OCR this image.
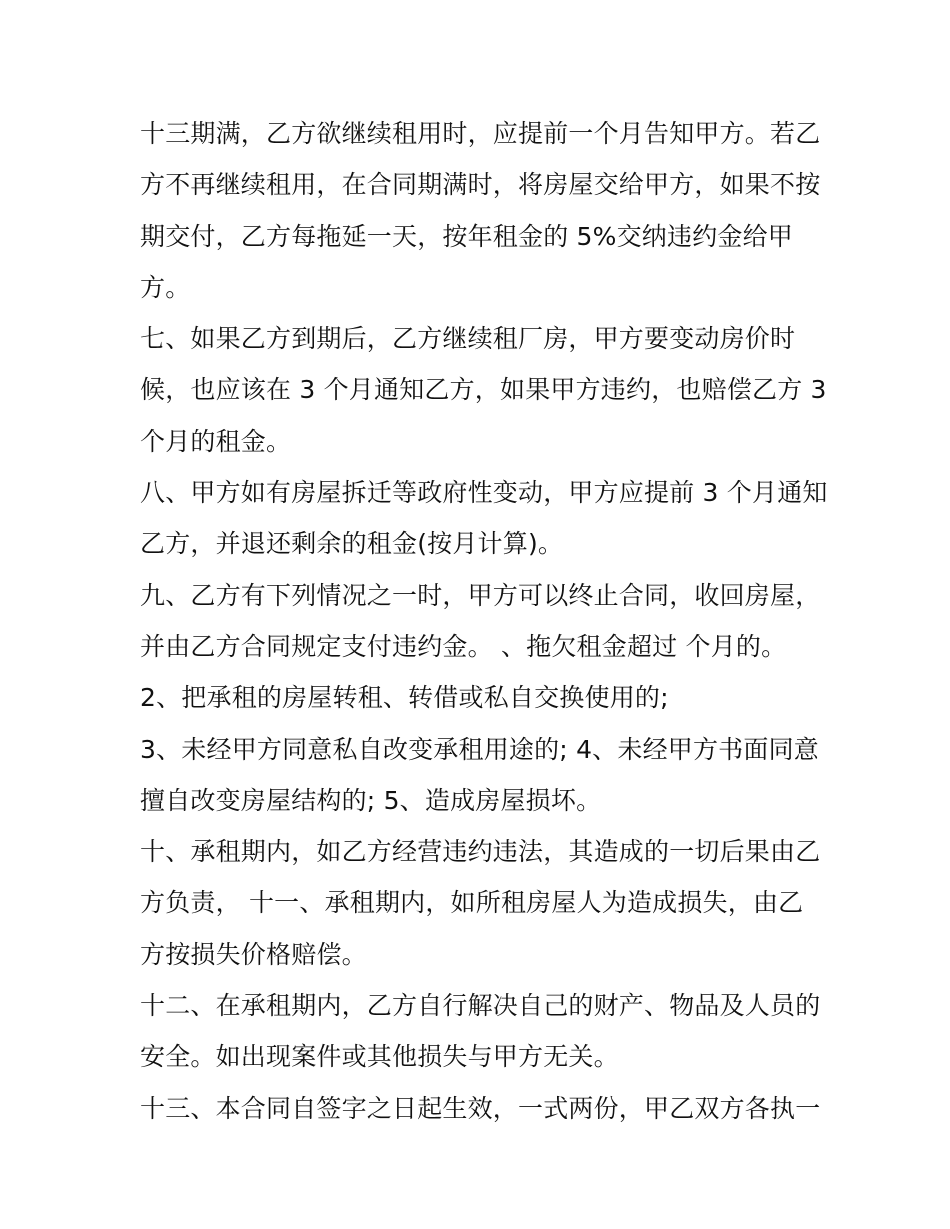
十三期满，乙方欲继续租用时，应提前一个月告知甲方。若乙
方不再继续租用，在合同期满时，将房屋交给甲方，如果不按
期交付，乙方每拖延一天，按年租金的 5%交纳违约金给甲
方。
七、如果乙方到期后，乙方继续租厂房，甲方要变动房价时
候，也应该在 3 个月通知乙方，如果甲方违约，也赔偿乙方 3
个月的租金。
八、甲方如有房屋拆迁等政府性变动，甲方应提前 3 个月通知
乙方，并退还剩余的租金(按月计算)。
九、乙方有下列情况之一时，甲方可以终止合同，收回房屋，
并由乙方合同规定支付违约金。 、拖欠租金超过 个月的。
2、把承租的房屋转租、转借或私自交换使用的;
3、未经甲方同意私自改变承租用途的; 4、未经甲方书面同意
擅自改变房屋结构的; 5、造成房屋损坏。
十、承租期内，如乙方经营违约违法，其造成的一切后果由乙
方负责， 十一、承租期内，如所租房屋人为造成损失，由乙
方按损失价格赔偿。
十二、在承租期内，乙方自行解决自己的财产、物品及人员的
安全。如出现案件或其他损失与甲方无关。
十三、本合同自签字之日起生效，一式两份，甲乙双方各执一
